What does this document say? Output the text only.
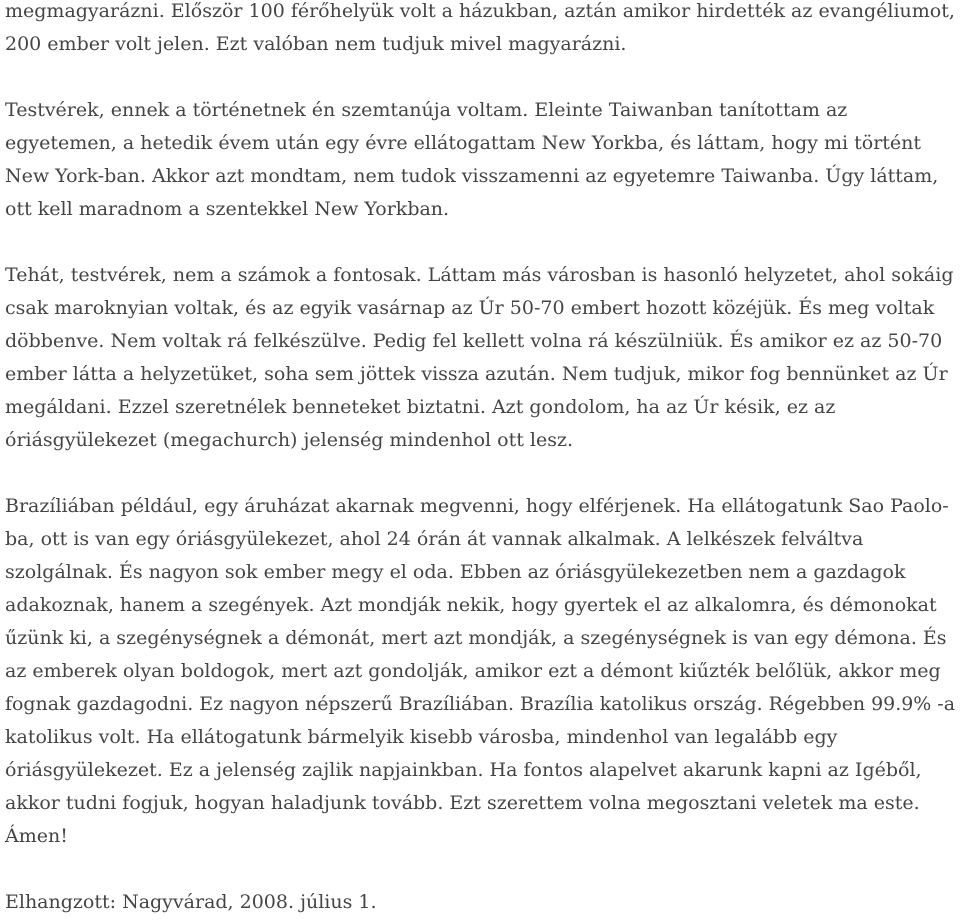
megmagyarázni. Először 100 férőhelyük volt a házukban, aztán amikor hirdették az evangéliumot,
200 ember volt jelen. Ezt valóban nem tudjuk mivel magyarázni.
Testvérek, ennek a történetnek én szemtanúja voltam. Eleinte Taiwanban tanítottam az
egyetemen, a hetedik évem után egy évre ellátogattam New Yorkba, és láttam, hogy mi történt
New York-ban. Akkor azt mondtam, nem tudok visszamenni az egyetemre Taiwanba. Úgy láttam,
ott kell maradnom a szentekkel New Yorkban.
Tehát, testvérek, nem a számok a fontosak. Láttam más városban is hasonló helyzetet, ahol sokáig
csak maroknyian voltak, és az egyik vasárnap az Úr 50-70 embert hozott közéjük. És meg voltak
döbbenve. Nem voltak rá felkészülve. Pedig fel kellett volna rá készülniük. És amikor ez az 50-70
ember látta a helyzetüket, soha sem jöttek vissza azután. Nem tudjuk, mikor fog bennünket az Úr
megáldani. Ezzel szeretnélek benneteket biztatni. Azt gondolom, ha az Úr késik, ez az
óriásgyülekezet (megachurch) jelenség mindenhol ott lesz.
Brazíliában például, egy áruházat akarnak megvenni, hogy elférjenek. Ha ellátogatunk Sao Paolo-
ba, ott is van egy óriásgyülekezet, ahol 24 órán át vannak alkalmak. A lelkészek felváltva
szolgálnak. És nagyon sok ember megy el oda. Ebben az óriásgyülekezetben nem a gazdagok
adakoznak, hanem a szegények. Azt mondják nekik, hogy gyertek el az alkalomra, és démonokat
űzünk ki, a szegénységnek a démonát, mert azt mondják, a szegénységnek is van egy démona. És
az emberek olyan boldogok, mert azt gondolják, amikor ezt a démont kiűzték belőlük, akkor meg
fognak gazdagodni. Ez nagyon népszerű Brazíliában. Brazília katolikus ország. Régebben 99.9% -a
katolikus volt. Ha ellátogatunk bármelyik kisebb városba, mindenhol van legalább egy
óriásgyülekezet. Ez a jelenség zajlik napjainkban. Ha fontos alapelvet akarunk kapni az Igéből,
akkor tudni fogjuk, hogyan haladjunk tovább. Ezt szerettem volna megosztani veletek ma este.
Ámen!
Elhangzott: Nagyvárad, 2008. július 1.
